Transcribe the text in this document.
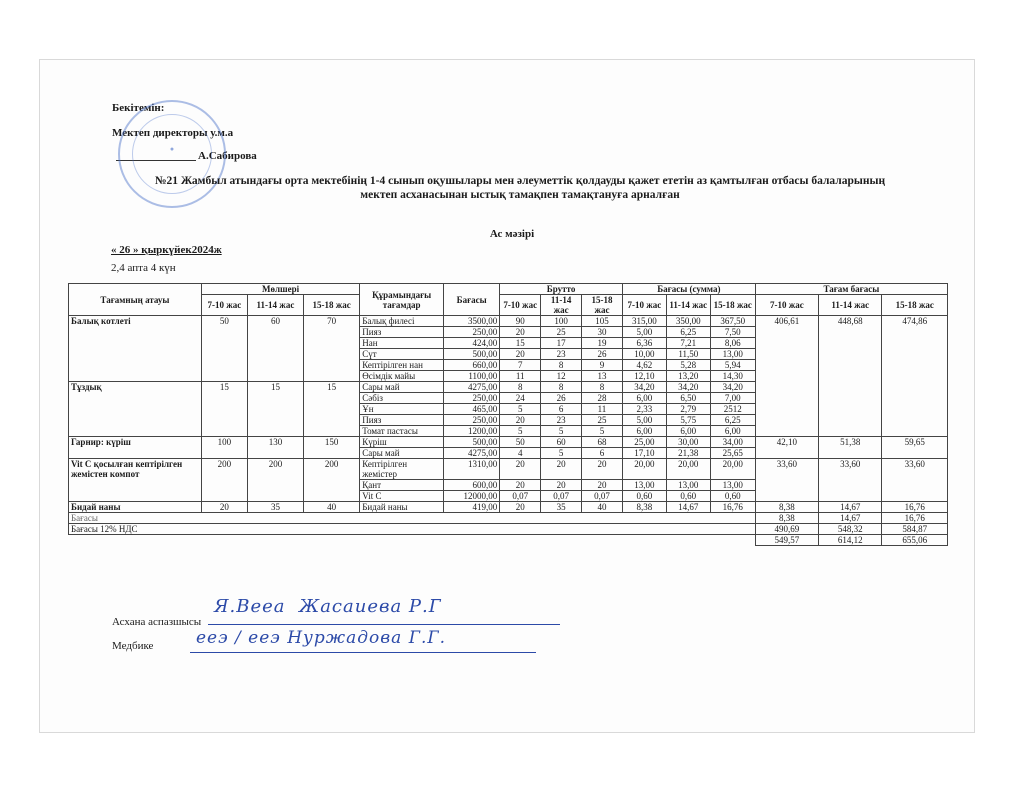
Бекітемін:
Мектеп директоры у.м.а
А.Сабирова
●
№21 Жамбыл атындағы орта мектебінің 1-4 сынып оқушылары мен әлеуметтік қолдауды қажет ететін аз қамтылған отбасы балаларының
мектеп асханасынан ыстық тамақпен тамақтануға арналған
Ас мәзірі
« 26 » қыркүйек2024ж
2,4 апта 4 күн
Тағамның атауы	Мөлшері			Құрамындағы тағамдар	Бағасы	Брутто			Бағасы (сумма)			Тағам бағасы		
	7-10 жас	11-14 жас	15-18 жас			7-10 жас	11-14 жас	15-18 жас	7-10 жас	11-14 жас	15-18 жас	7-10 жас	11-14 жас	15-18 жас

Балық котлеті	50	60	70	Балық филесі	3500,00	90	100	105	315,00	350,00	367,50	406,61	448,68	474,86
				Пияз	250,00	20	25	30	5,00	6,25	7,50			
				Нан	424,00	15	17	19	6,36	7,21	8,06			
				Сүт	500,00	20	23	26	10,00	11,50	13,00			
				Кептірілген нан	660,00	7	8	9	4,62	5,28	5,94			
				Өсімдік майы	1100,00	11	12	13	12,10	13,20	14,30			
Тұздық	15	15	15	Сары май	4275,00	8	8	8	34,20	34,20	34,20			
				Сәбіз	250,00	24	26	28	6,00	6,50	7,00			
				Ұн	465,00	5	6	11	2,33	2,79	2512			
				Пияз	250,00	20	23	25	5,00	5,75	6,25			
				Томат пастасы	1200,00	5	5	5	6,00	6,00	6,00			
Гарнир: күріш	100	130	150	Күріш	500,00	50	60	68	25,00	30,00	34,00	42,10	51,38	59,65
				Сары май	4275,00	4	5	6	17,10	21,38	25,65			
Vit C қосылған кептірілген жемістен компот	200	200	200	Кептірілген жемістер	1310,00	20	20	20	20,00	20,00	20,00	33,60	33,60	33,60
				Қант	600,00	20	20	20	13,00	13,00	13,00			
				Vit C	12000,00	0,07	0,07	0,07	0,60	0,60	0,60			
Бидай наны	20	35	40	Бидай наны	419,00	20	35	40	8,38	14,67	16,76	8,38	14,67	16,76
Бағасы												8,38	14,67	16,76
Бағасы 12% НДС												490,69	548,32	584,87
												549,57	614,12	655,06
Асхана аспазшысы
Я.Вееа  Жасаиева Р.Г
Медбике	ееэ / ееэ Нуржадова Г.Г.
